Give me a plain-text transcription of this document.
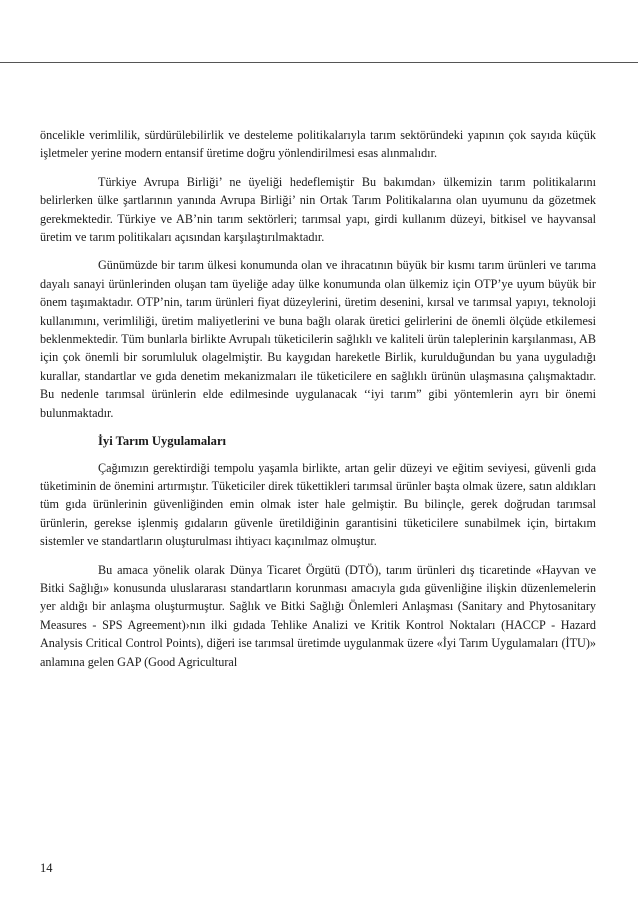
öncelikle verimlilik, sürdürülebilirlik ve desteleme politikalarıyla tarım sektöründeki yapının çok sayıda küçük işletmeler yerine modern entansif üretime doğru yönlendirilmesi esas alınmalıdır.

Türkiye Avrupa Birliği’ ne üyeliği hedeflemiştir Bu bakımdan› ülkemizin tarım politikalarını belirlerken ülke şartlarının yanında Avrupa Birliği’ nin Ortak Tarım Politikalarına olan uyumunu da gözetmek gerekmektedir. Türkiye ve AB’nin tarım sektörleri; tarımsal yapı, girdi kullanım düzeyi, bitkisel ve hayvansal üretim ve tarım politikaları açısından karşılaştırılmaktadır.

Günümüzde bir tarım ülkesi konumunda olan ve ihracatının büyük bir kısmı tarım ürünleri ve tarıma dayalı sanayi ürünlerinden oluşan tam üyeliğe aday ülke konumunda olan ülkemiz için OTP’ye uyum büyük bir önem taşımaktadır. OTP’nin, tarım ürünleri fiyat düzeylerini, üretim desenini, kırsal ve tarımsal yapıyı, teknoloji kullanımını, verimliliği, üretim maliyetlerini ve buna bağlı olarak üretici gelirlerini de önemli ölçüde etkilemesi beklenmektedir. Tüm bunlarla birlikte Avrupalı tüketicilerin sağlıklı ve kaliteli ürün taleplerinin karşılanması, AB için çok önemli bir sorumluluk olagelmiştir. Bu kaygıdan hareketle Birlik, kurulduğundan bu yana uyguladığı kurallar, standartlar ve gıda denetim mekanizmaları ile tüketicilere en sağlıklı ürünün ulaşmasına çalışmaktadır. Bu nedenle tarımsal ürünlerin elde edilmesinde uygulanacak ‘‘iyi tarım” gibi yöntemlerin ayrı bir önemi bulunmaktadır.

İyi Tarım Uygulamaları

Çağımızın gerektirdiği tempolu yaşamla birlikte, artan gelir düzeyi ve eğitim seviyesi, güvenli gıda tüketiminin de önemini artırmıştır. Tüketiciler direk tükettikleri tarımsal ürünler başta olmak üzere, satın aldıkları tüm gıda ürünlerinin güvenliğinden emin olmak ister hale gelmiştir. Bu bilinçle, gerek doğrudan tarımsal ürünlerin, gerekse işlenmiş gıdaların güvenle üretildiğinin garantisini tüketicilere sunabilmek için, birtakım sistemler ve standartların oluşturulması ihtiyacı kaçınılmaz olmuştur.

Bu amaca yönelik olarak Dünya Ticaret Örgütü (DTÖ), tarım ürünleri dış ticaretinde «Hayvan ve Bitki Sağlığı» konusunda uluslararası standartların korunması amacıyla gıda güvenliğine ilişkin düzenlemelerin yer aldığı bir anlaşma oluşturmuştur. Sağlık ve Bitki Sağlığı Önlemleri Anlaşması (Sanitary and Phytosanitary Measures - SPS Agreement)›nın ilki gıdada Tehlike Analizi ve Kritik Kontrol Noktaları (HACCP - Hazard Analysis Critical Control Points), diğeri ise tarımsal üretimde uygulanmak üzere «İyi Tarım Uygulamaları (İTU)» anlamına gelen GAP (Good Agricultural

14
